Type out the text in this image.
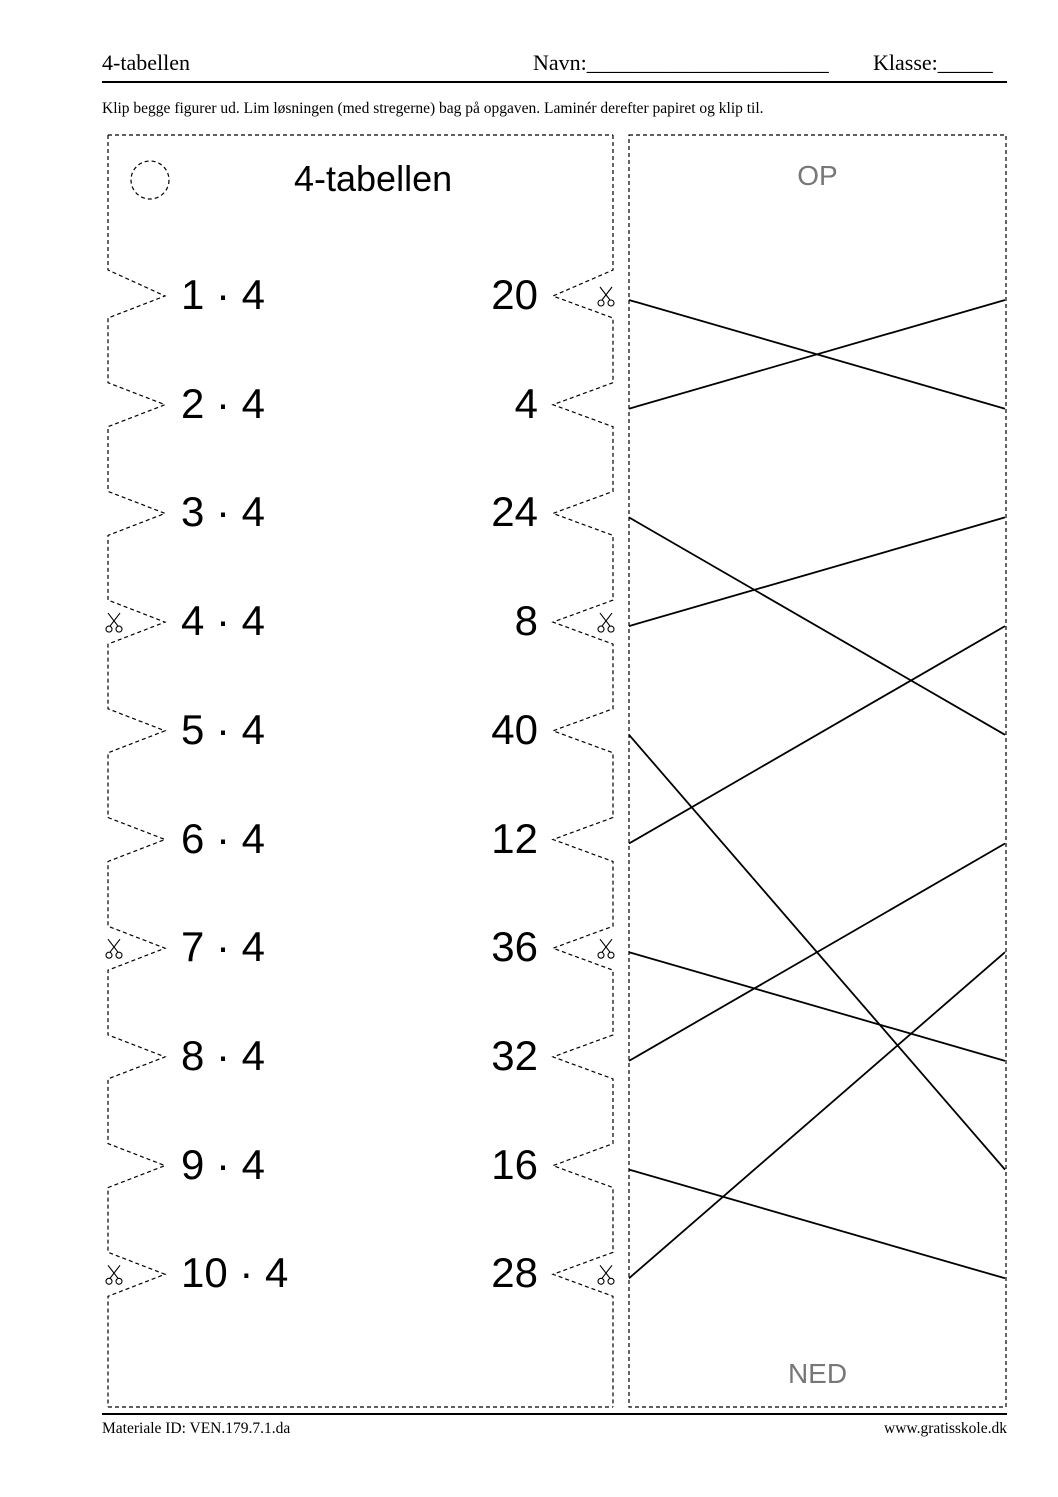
4-tabellen	Navn:______________________ Klasse:_____
Klip begge figurer ud. Lim løsningen (med stregerne) bag på opgaven. Laminér derefter papiret og klip til.
4-tabellen
1 · 4	20
2 · 4	4
3 · 4	24
4 · 4	8
5 · 4	40
6 · 4	12
7 · 4	36
8 · 4	32
9 · 4	16
10 · 4	28
OP
NED
Materiale ID: VEN.179.7.1.da	www.gratisskole.dk
